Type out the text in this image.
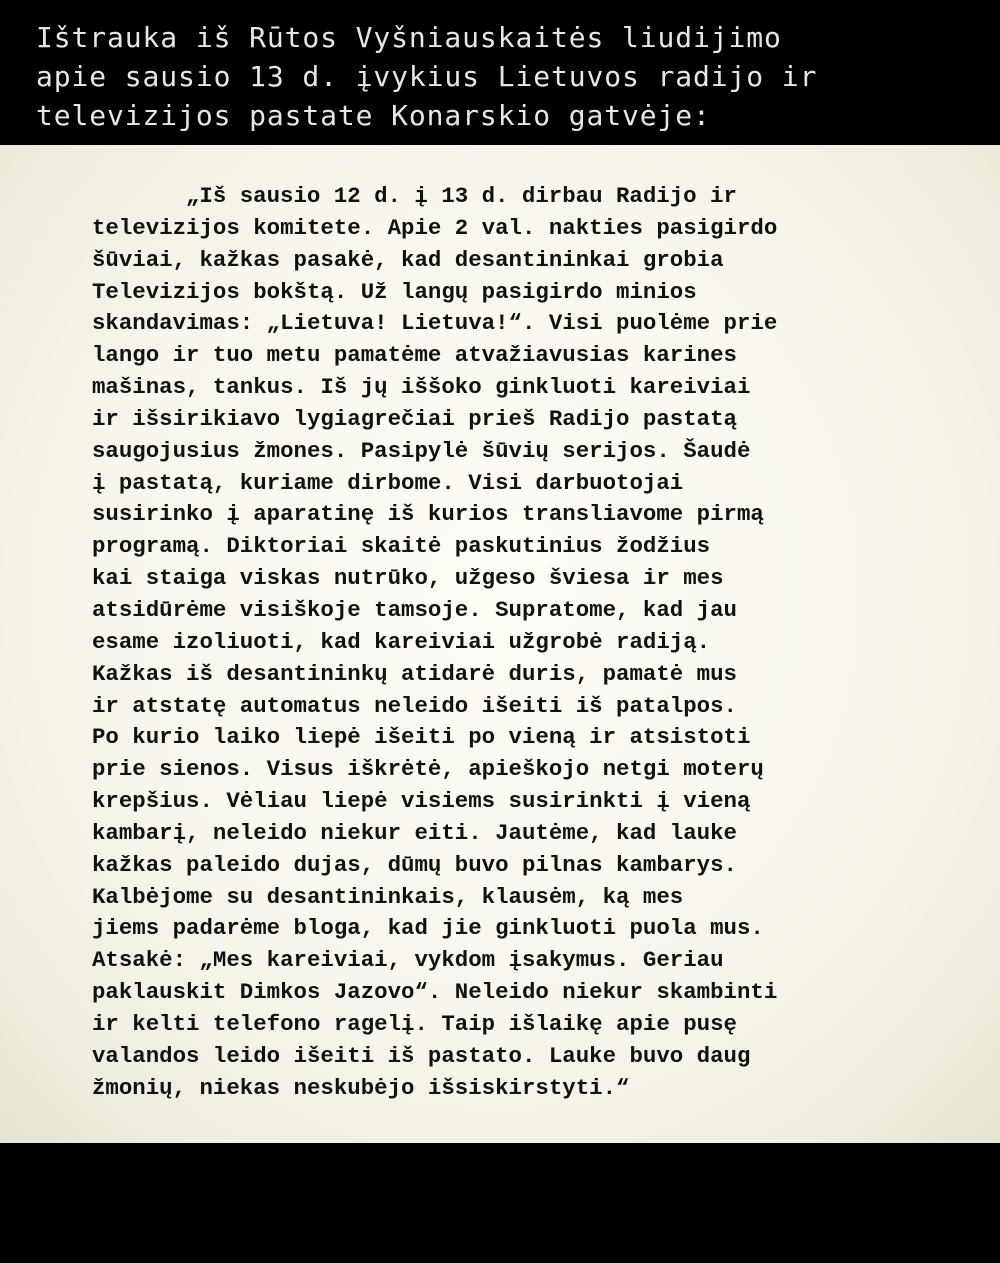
Ištrauka iš Rūtos Vyšniauskaitės liudijimo
apie sausio 13 d. įvykius Lietuvos radijo ir
televizijos pastate Konarskio gatvėje:

„Iš sausio 12 d. į 13 d. dirbau Radijo ir
televizijos komitete. Apie 2 val. nakties pasigirdo
šūviai, kažkas pasakė, kad desantininkai grobia
Televizijos bokštą. Už langų pasigirdo minios
skandavimas: „Lietuva! Lietuva!“. Visi puolėme prie
lango ir tuo metu pamatėme atvažiavusias karines
mašinas, tankus. Iš jų iššoko ginkluoti kareiviai
ir išsirikiavo lygiagrečiai prieš Radijo pastatą
saugojusius žmones. Pasipylė šūvių serijos. Šaudė
į pastatą, kuriame dirbome. Visi darbuotojai
susirinko į aparatinę iš kurios transliavome pirmą
programą. Diktoriai skaitė paskutinius žodžius
kai staiga viskas nutrūko, užgeso šviesa ir mes
atsidūrėme visiškoje tamsoje. Supratome, kad jau
esame izoliuoti, kad kareiviai užgrobė radiją.
Kažkas iš desantininkų atidarė duris, pamatė mus
ir atstatę automatus neleido išeiti iš patalpos.
Po kurio laiko liepė išeiti po vieną ir atsistoti
prie sienos. Visus iškrėtė, apieškojo netgi moterų
krepšius. Vėliau liepė visiems susirinkti į vieną
kambarį, neleido niekur eiti. Jautėme, kad lauke
kažkas paleido dujas, dūmų buvo pilnas kambarys.
Kalbėjome su desantininkais, klausėm, ką mes
jiems padarėme bloga, kad jie ginkluoti puola mus.
Atsakė: „Mes kareiviai, vykdom įsakymus. Geriau
paklauskit Dimkos Jazovo“. Neleido niekur skambinti
ir kelti telefono ragelį. Taip išlaikę apie pusę
valandos leido išeiti iš pastato. Lauke buvo daug
žmonių, niekas neskubėjo išsiskirstyti.“
